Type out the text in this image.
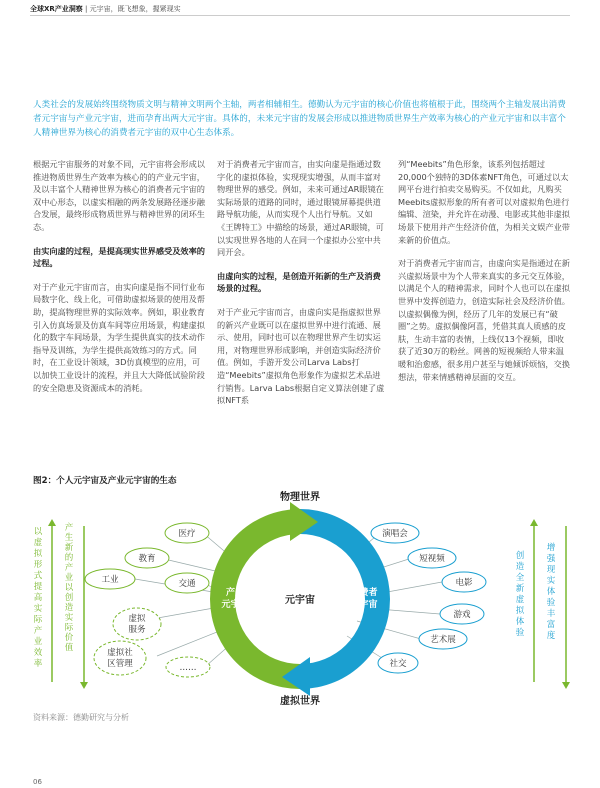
全球XR产业洞察 | 元宇宙，既飞想象，握紧现实
人类社会的发展始终围绕物质文明与精神文明两个主轴，两者相辅相生。德勤认为元宇宙的核心价值也将植根于此，围绕两个主轴发展出消费者元宇宙与产业元宇宙，进而孕育出两大元宇宙。具体的，未来元宇宙的发展会形成以推进物质世界生产效率为核心的产业元宇宙和以丰富个人精神世界为核心的消费者元宇宙的双中心生态体系。

根据元宇宙服务的对象不同，元宇宙将会形成以推进物质世界生产效率为核心的的产业元宇宙，及以丰富个人精神世界为核心的消费者元宇宙的双中心形态，以虚实相融的两条发展路径逐步融合发展，最终形成物质世界与精神世界的闭环生态。

由实向虚的过程，是提高现实世界感受及效率的过程。

对于产业元宇宙而言，由实向虚是指不同行业布局数字化、线上化，可借助虚拟场景的使用及帮助，提高物理世界的实际效率。例如，职业教育引入仿真场景及仿真车间等应用场景，构建虚拟化的数字车间场景，为学生提供真实的技术动作指导及训练，为学生提供高效练习的方式。同时，在工业设计领域，3D仿真模型的应用，可以加快工业设计的流程，并且大大降低试验阶段的安全隐患及资源成本的消耗。

对于消费者元宇宙而言，由实向虚是指通过数字化的虚拟体验，实现现实增强，从而丰富对物理世界的感受。例如，未来可通过AR眼镜在实际场景的道路的同时，通过眼镜屏幕提供道路导航功能，从而实现个人出行导航。又如《王牌特工》中描绘的场景，通过AR眼镜，可以实现世界各地的人在同一个虚拟办公室中共同开会。

由虚向实的过程，是创造开拓新的生产及消费场景的过程。

对于产业元宇宙而言，由虚向实是指虚拟世界的新兴产业既可以在虚拟世界中进行流通、展示、使用，同时也可以在物理世界产生切实运用，对物理世界形成影响，并创造实际经济价值。例如，手游开发公司Larva Labs打造“Meebits”虚拟角色形象作为虚拟艺术品进行销售。Larva Labs根据自定义算法创建了虚拟NFT系

列“Meebits”角色形象，该系列包括超过20,000个独特的3D体素NFT角色，可通过以太网平台进行拍卖交易购买。不仅如此，凡购买Meebits虚拟形象的所有者可以对虚拟角色进行编辑、渲染，并允许在动漫、电影或其他非虚拟场景下使用并产生经济价值，为相关文娱产业带来新的价值点。

对于消费者元宇宙而言，由虚向实是指通过在新兴虚拟场景中为个人带来真实的多元交互体验，以满足个人的精神需求，同时个人也可以在虚拟世界中发挥创造力，创造实际社会及经济价值。以虚拟偶像为例，经历了几年的发展已有“破圈”之势。虚拟偶像阿喜，凭借其真人质感的皮肤，生动丰富的表情，上线仅13个视频，即收获了近30万的粉丝。网善的短视频给人带来温暖和治愈感，很多用户甚至与她倾诉烦恼，交换想法，带来情感精神层面的交互。

图2：个人元宇宙及产业元宇宙的生态
以
虚
拟
形
式
提
高
实
际
产
业
效
率
产
生
新
的
产
业
以
创
造
实
际
价
值
创
造
全
新
虚
拟
体
验
增
强
现
实
体
验
丰
富
度
物理世界
虚拟世界
元宇宙
产业
元宇宙
消费者
元宇宙
医疗
教育
工业	交通
虚拟
服务
虚拟社
区管理	……
演唱会
短视频
电影
游戏
艺术展
社交
资料来源：德勤研究与分析
06
